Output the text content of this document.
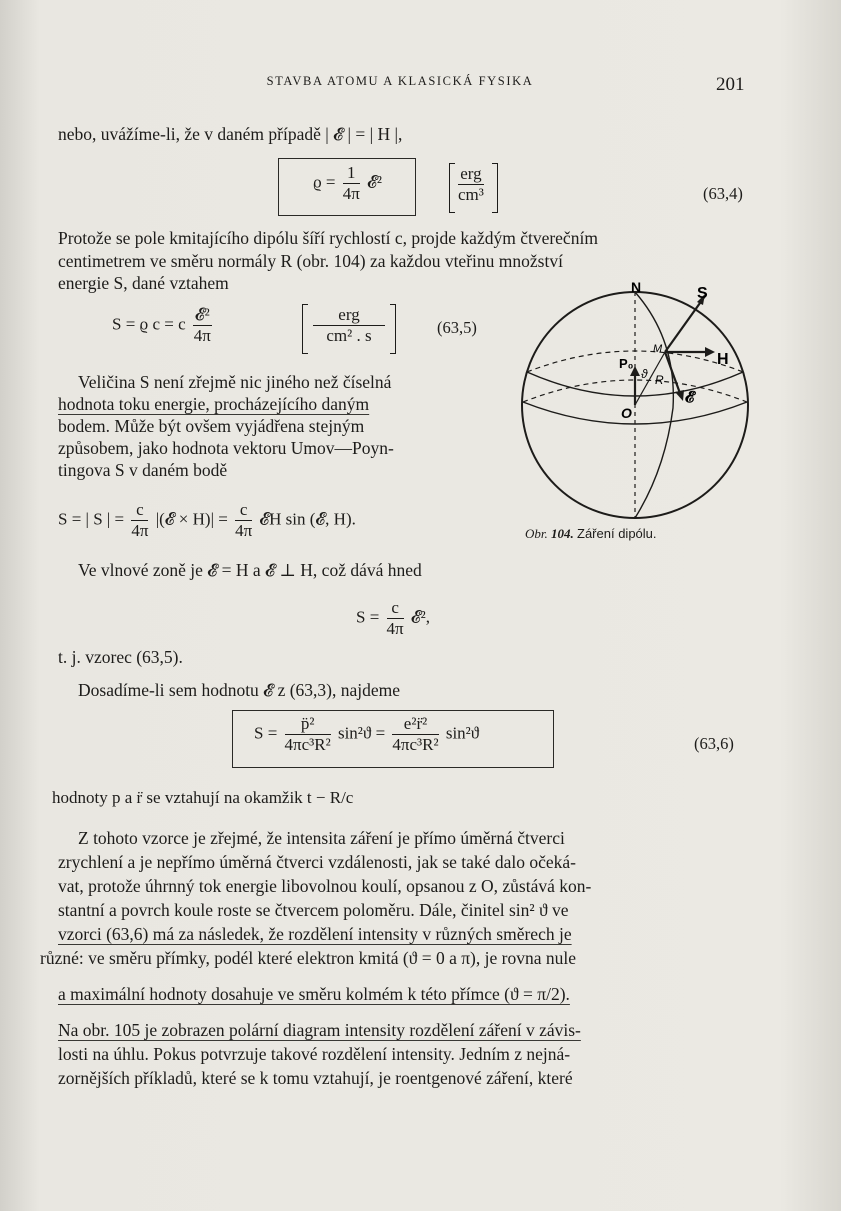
STAVBA ATOMU A KLASICKÁ FYSIKA	201
nebo, uvážíme-li, že v daném případě | 𝓔 | = | H |,
$ϱ = \frac{1}{4\pi}$ 𝓔²	$\frac{\text{erg}}{\text{cm³}}$	(63,4)
Protože se pole kmitajícího dipólu šíří rychlostí c, projde každým čtverečním
centimetrem ve směru normály R (obr. 104) za každou vteřinu množství
energie S, dané vztahem
S = ϱ c = c $\frac{\text{𝓔²}}{4\pi}$	$\frac{\text{erg}}{\text{cm² . s}}$	(63,5)
Veličina S není zřejmě nic jiného než číselná
hodnota toku energie, procházejícího daným
bodem. Může být ovšem vyjádřena stejným
způsobem, jako hodnota vektoru Umov—Poyn-
tingova S v daném bodě
N	S
H
𝓔
P₀
M
ϑ R
O
Obr. 104. Záření dipólu.
S = | S | = $\frac{c}{4\pi}$ |(𝓔 × $H)| = \frac{c}{4\pi}$ 𝓔H sin (𝓔, H).
Ve vlnové zoně je 𝓔 = H a 𝓔 ⊥ H, což dává hned
$S = \frac{c}{4\pi}$ 𝓔²,
t. j. vzorec (63,5).
Dosadíme-li sem hodnotu 𝓔 z (63,3), najdeme
$S = \frac{\text{p̈²}}{\text{4πc³R²}} \sin^2ϑ = \frac{\text{e²r̈²}}{\text{4πc³R²}} \sin^2ϑ$
(63,6)
hodnoty p a r̈ se vztahují na okamžik t − R/c
Z tohoto vzorce je zřejmé, že intensita záření je přímo úměrná čtverci
zrychlení a je nepřímo úměrná čtverci vzdálenosti, jak se také dalo očeká-
vat, protože úhrnný tok energie libovolnou koulí, opsanou z O, zůstává kon-
stantní a povrch koule roste se čtvercem poloměru. Dále, činitel sin² ϑ ve
vzorci (63,6) má za následek, že rozdělení intensity v různých směrech je
různé: ve směru přímky, podél které elektron kmitá (ϑ = 0 a π), je rovna nule
a maximální hodnoty dosahuje ve směru kolmém k této přímce (ϑ = π/2).
Na obr. 105 je zobrazen polární diagram intensity rozdělení záření v závis-
losti na úhlu. Pokus potvrzuje takové rozdělení intensity. Jedním z nejná-
zornějších příkladů, které se k tomu vztahují, je roentgenové záření, které
